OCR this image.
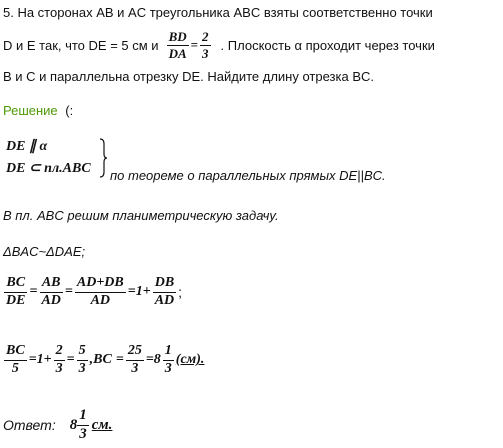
5. На сторонах AB и AC треугольника ABC взяты соответственно точки
D и E так, что DE = 5 см и $\frac{BD}{DA} = \frac{2}{3}$ . Плоскость α проходит через точки
B и C и параллельна отрезку DE. Найдите длину отрезка BC.
Решение (:
DE ∥ α
DE ⊂ пл.ABC по теореме о параллельных прямых DE||BC.
В пл. ABC решим планиметрическую задачу.
ΔBAC~ΔDAE;
$\frac{BC}{DE} = \frac{AB}{AD} = \frac{AD+DB}{AD} =1+ \frac{DB}{AD}$ ;
$\frac{BC}{5} =1+ \frac{2}{3} = \frac{5}{3} ,BC = \frac{25}{3} =8 \frac{1}{3} (см)$.
Ответ: $8 \frac{1}{3}$ см.
